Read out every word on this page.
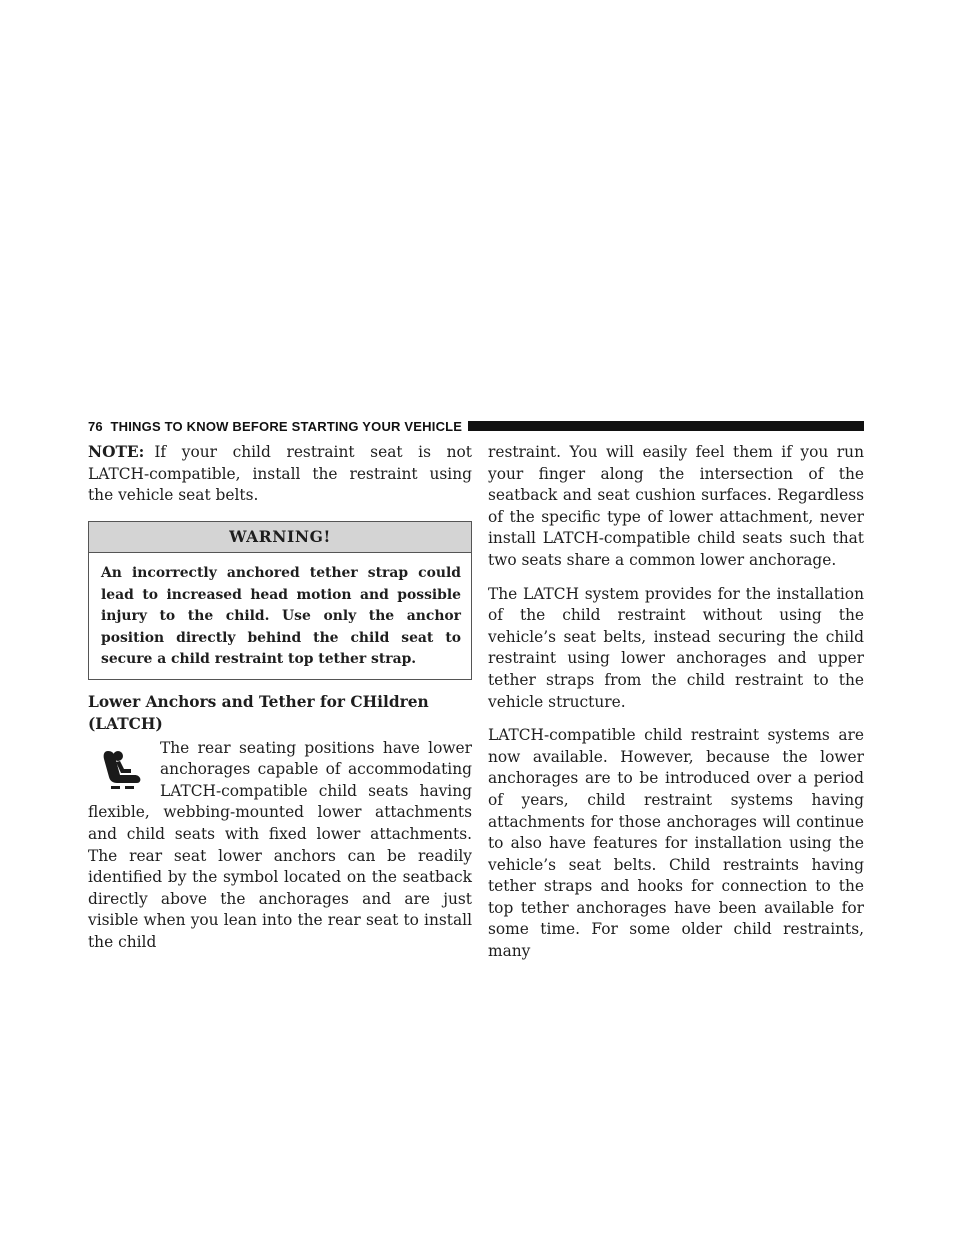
76 THINGS TO KNOW BEFORE STARTING YOUR VEHICLE

NOTE: If your child restraint seat is not LATCH-compatible, install the restraint using the vehicle seat belts.

WARNING!
An incorrectly anchored tether strap could lead to increased head motion and possible injury to the child. Use only the anchor position directly behind the child seat to secure a child restraint top tether strap.
Lower Anchors and Tether for CHildren (LATCH)
The rear seating positions have lower anchorages capable of accommodating LATCH-compatible child seats having flexible, webbing-mounted lower attachments and child seats with fixed lower attachments. The rear seat lower anchors can be readily identified by the symbol located on the seatback directly above the anchorages and are just visible when you lean into the rear seat to install the child

restraint. You will easily feel them if you run your finger along the intersection of the seatback and seat cushion surfaces. Regardless of the specific type of lower attachment, never install LATCH-compatible child seats such that two seats share a common lower anchorage.

The LATCH system provides for the installation of the child restraint without using the vehicle’s seat belts, instead securing the child restraint using lower anchorages and upper tether straps from the child restraint to the vehicle structure.

LATCH-compatible child restraint systems are now available. However, because the lower anchorages are to be introduced over a period of years, child restraint systems having attachments for those anchorages will continue to also have features for installation using the vehicle’s seat belts. Child restraints having tether straps and hooks for connection to the top tether anchorages have been available for some time. For some older child restraints, many
